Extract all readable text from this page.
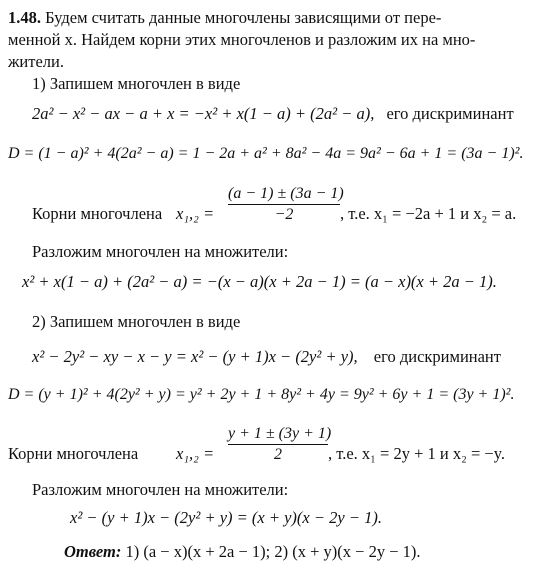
1.48. Будем считать данные многочлены зависящими от пере-
менной x. Найдем корни этих многочленов и разложим их на мно-
жители.
1) Запишем многочлен в виде
2a² − x² − ax − a + x = −x² + x(1 − a) + (2a² − a), его дискриминант
D = (1 − a)² + 4(2a² − a) = 1 − 2a + a² + 8a² − 4a = 9a² − 6a + 1 = (3a − 1)².
Корни многочлена x₁,₂ =
(a − 1) ± (3a − 1)
−2	, т.е. x₁ = −2a + 1 и x₂ = a.
Разложим многочлен на множители:
x² + x(1 − a) + (2a² − a) = −(x − a)(x + 2a − 1) = (a − x)(x + 2a − 1).
2) Запишем многочлен в виде
x² − 2y² − xy − x − y = x² − (y + 1)x − (2y² + y), его дискриминант
D = (y + 1)² + 4(2y² + y) = y² + 2y + 1 + 8y² + 4y = 9y² + 6y + 1 = (3y + 1)².
Корни многочлена x₁,₂ =
y + 1 ± (3y + 1)
2	, т.е. x₁ = 2y + 1 и x₂ = −y.
Разложим многочлен на множители:
x² − (y + 1)x − (2y² + y) = (x + y)(x − 2y − 1).
Ответ: 1) (a − x)(x + 2a − 1); 2) (x + y)(x − 2y − 1).
